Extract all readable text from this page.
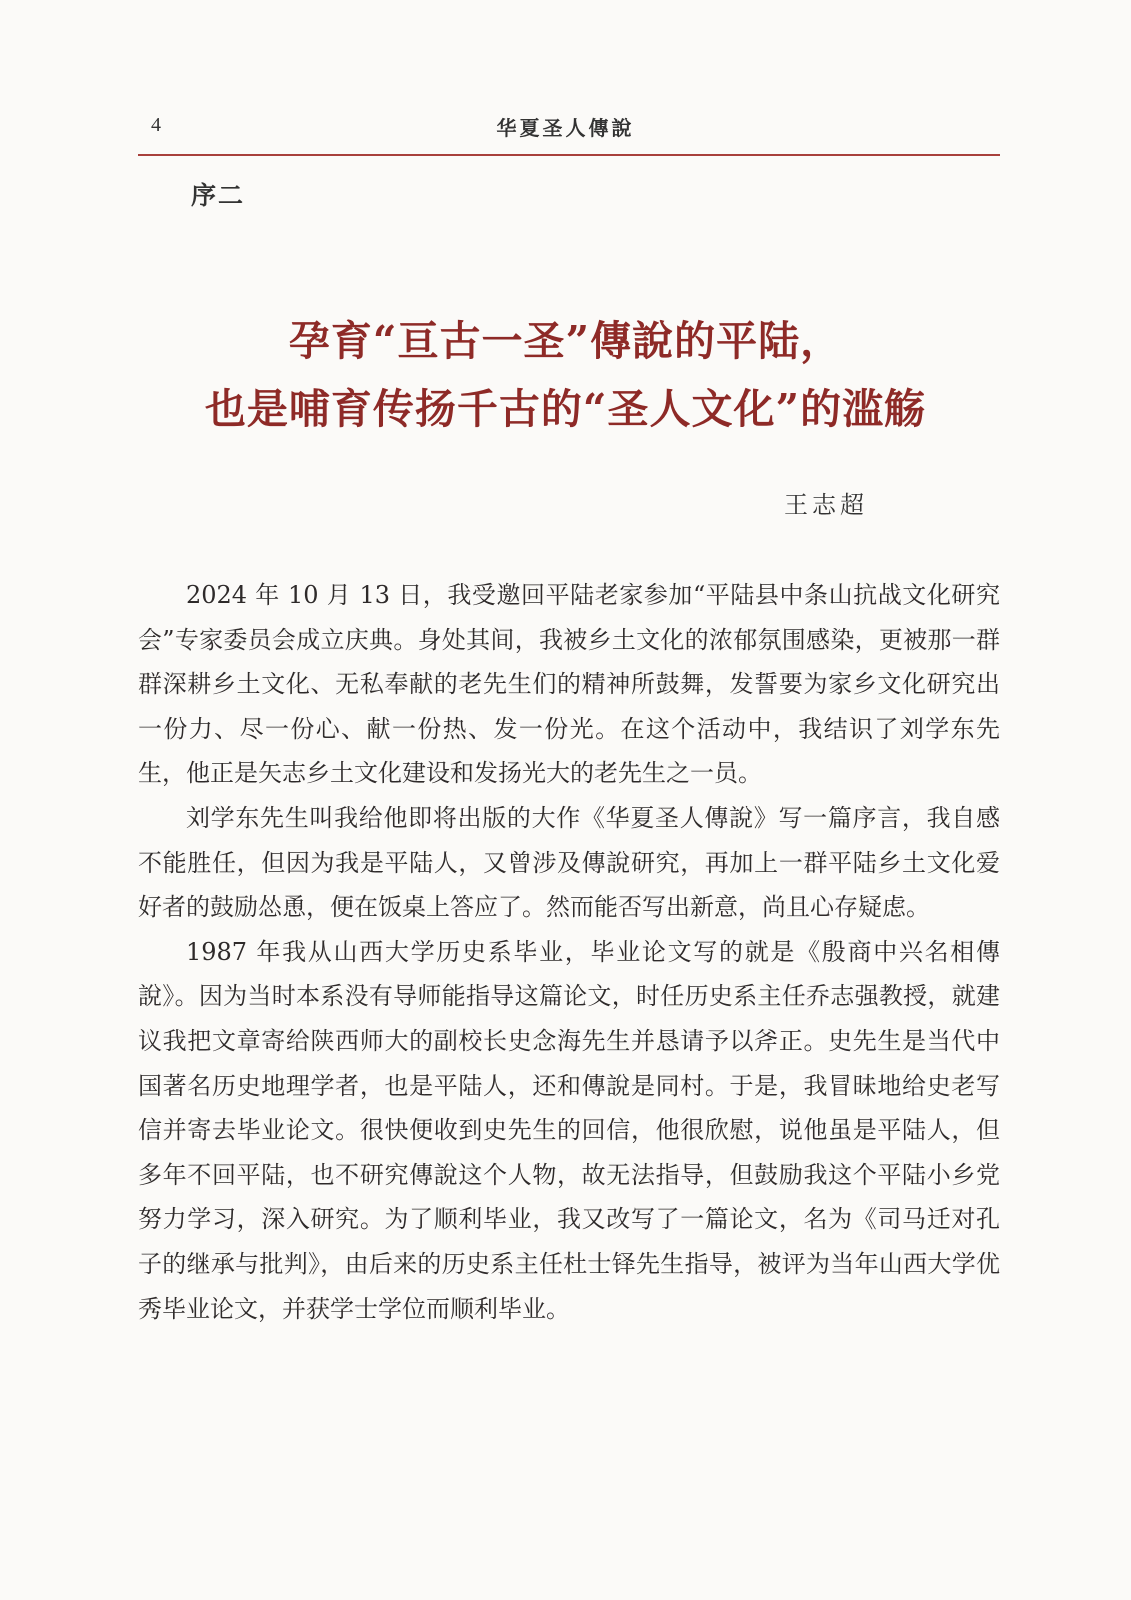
4	华夏圣人傳說
序二
孕育“亘古一圣”傳說的平陆，
也是哺育传扬千古的“圣人文化”的滥觞
王志超

2024 年 10 月 13 日，我受邀回平陆老家参加“平陆县中条山抗战文化研究会”专家委员会成立庆典。身处其间，我被乡土文化的浓郁氛围感染，更被那一群群深耕乡土文化、无私奉献的老先生们的精神所鼓舞，发誓要为家乡文化研究出一份力、尽一份心、献一份热、发一份光。在这个活动中，我结识了刘学东先生，他正是矢志乡土文化建设和发扬光大的老先生之一员。

刘学东先生叫我给他即将出版的大作《华夏圣人傳說》写一篇序言，我自感不能胜任，但因为我是平陆人，又曾涉及傳說研究，再加上一群平陆乡土文化爱好者的鼓励怂恿，便在饭桌上答应了。然而能否写出新意，尚且心存疑虑。

1987 年我从山西大学历史系毕业，毕业论文写的就是《殷商中兴名相傳說》。因为当时本系没有导师能指导这篇论文，时任历史系主任乔志强教授，就建议我把文章寄给陕西师大的副校长史念海先生并恳请予以斧正。史先生是当代中国著名历史地理学者，也是平陆人，还和傳說是同村。于是，我冒昧地给史老写信并寄去毕业论文。很快便收到史先生的回信，他很欣慰，说他虽是平陆人，但多年不回平陆，也不研究傳說这个人物，故无法指导，但鼓励我这个平陆小乡党努力学习，深入研究。为了顺利毕业，我又改写了一篇论文，名为《司马迁对孔子的继承与批判》，由后来的历史系主任杜士铎先生指导，被评为当年山西大学优秀毕业论文，并获学士学位而顺利毕业。
